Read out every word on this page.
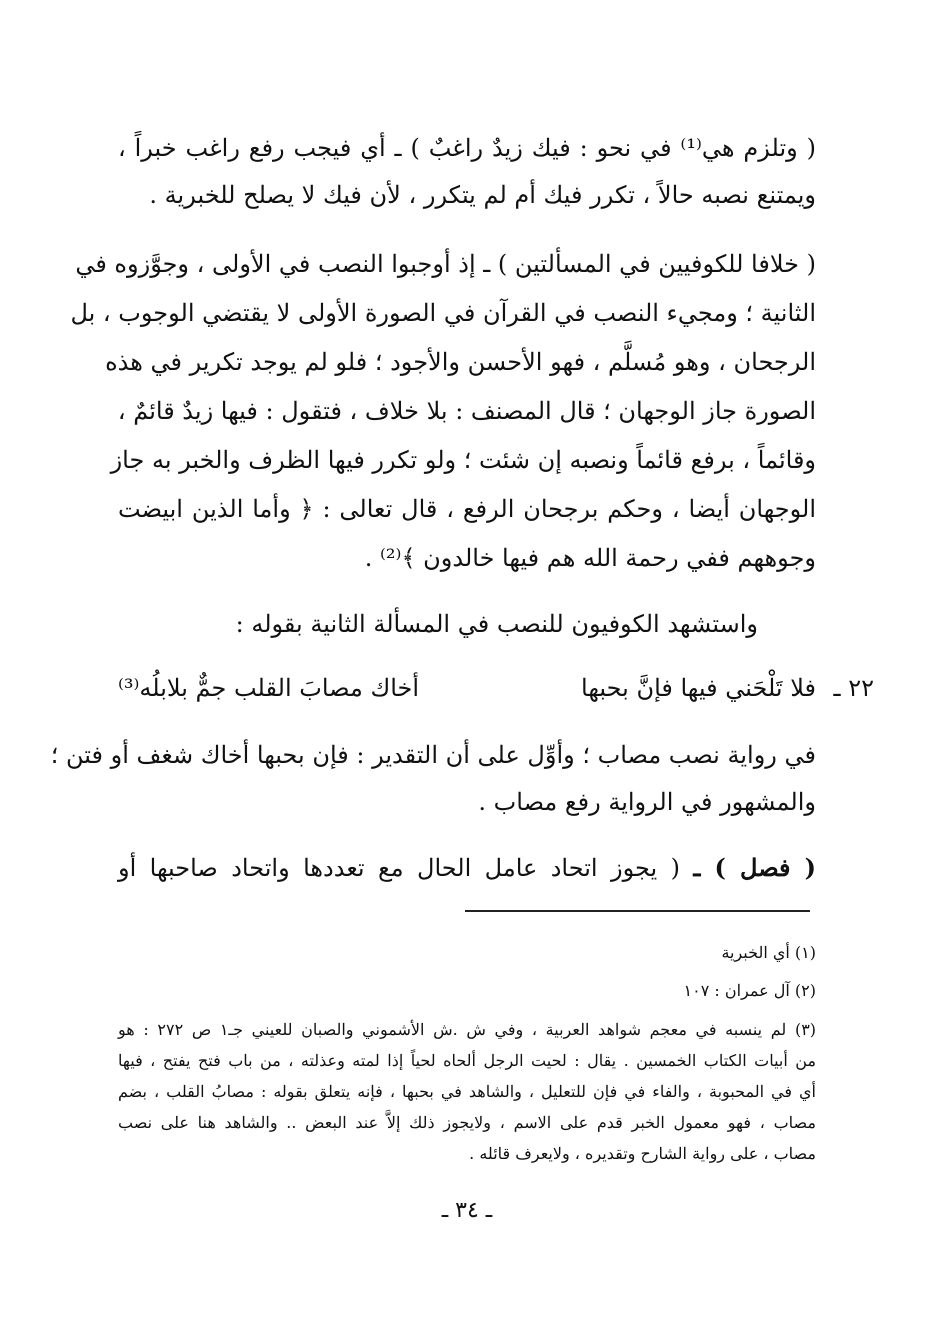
( وتلزم هي⁽¹⁾ في نحو : فيك زيدٌ راغبٌ ) ـ أي فيجب رفع راغب خبراً ،
ويمتنع نصبه حالاً ، تكرر فيك أم لم يتكرر ، لأن فيك لا يصلح للخبرية .
( خلافا للكوفيين في المسألتين ) ـ إذ أوجبوا النصب في الأولى ، وجوَّزوه في
الثانية ؛ ومجيء النصب في القرآن في الصورة الأولى لا يقتضي الوجوب ، بل
الرجحان ، وهو مُسلَّم ، فهو الأحسن والأجود ؛ فلو لم يوجد تكرير في هذه
الصورة جاز الوجهان ؛ قال المصنف : بلا خلاف ، فتقول : فيها زيدٌ قائمٌ ،
وقائماً ، برفع قائماً ونصبه إن شئت ؛ ولو تكرر فيها الظرف والخبر به جاز
الوجهان أيضا ، وحكم برجحان الرفع ، قال تعالى : ﴿ وأما الذين ابيضت
وجوههم ففي رحمة الله هم فيها خالدون ﴾⁽²⁾ .
واستشهد الكوفيون للنصب في المسألة الثانية بقوله :
٢٢ ـ
فلا تَلْحَني فيها فإنَّ بحبها
أخاك مصابَ القلب جمٌّ بلابلُه⁽³⁾
في رواية نصب مصاب ؛ وأوِّل على أن التقدير : فإن بحبها أخاك شغف أو فتن ؛
والمشهور في الرواية رفع مصاب .
( فصل ) ـ ( يجوز اتحاد عامل الحال مع تعددها واتحاد صاحبها أو
(١) أي الخبرية
(٢) آل عمران : ١٠٧
(٣) لم ينسبه في معجم شواهد العربية ، وفي ش .ش الأشموني والصبان للعيني جـ١ ص ٢٧٢ : هو
من أبيات الكتاب الخمسين . يقال : لحيت الرجل ألحاه لحياً إذا لمته وعذلته ، من باب فتح يفتح ، فيها
أي في المحبوبة ، والفاء في فإن للتعليل ، والشاهد في بحبها ، فإنه يتعلق بقوله : مصابُ القلب ، بضم
مصاب ، فهو معمول الخبر قدم على الاسم ، ولايجوز ذلك إلاَّ عند البعض .. والشاهد هنا على نصب
مصاب ، على رواية الشارح وتقديره ، ولايعرف قائله .
ـ ٣٤ ـ
